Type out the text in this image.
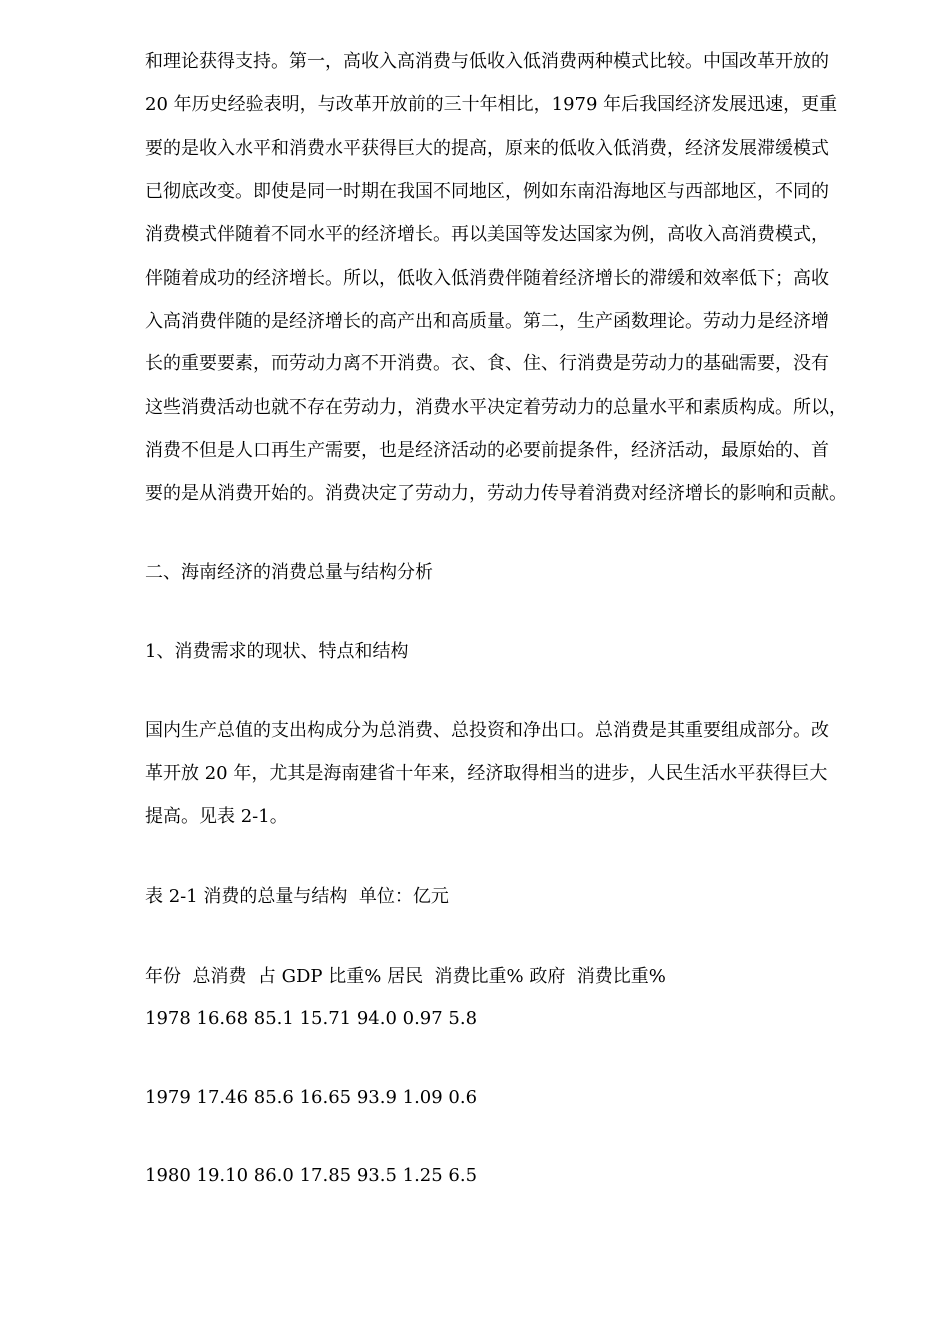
和理论获得支持。第一，高收入高消费与低收入低消费两种模式比较。中国改革开放的
20 年历史经验表明，与改革开放前的三十年相比，1979 年后我国经济发展迅速，更重
要的是收入水平和消费水平获得巨大的提高，原来的低收入低消费，经济发展滞缓模式
已彻底改变。即使是同一时期在我国不同地区，例如东南沿海地区与西部地区，不同的
消费模式伴随着不同水平的经济增长。再以美国等发达国家为例，高收入高消费模式，
伴随着成功的经济增长。所以，低收入低消费伴随着经济增长的滞缓和效率低下；高收
入高消费伴随的是经济增长的高产出和高质量。第二，生产函数理论。劳动力是经济增
长的重要要素，而劳动力离不开消费。衣、食、住、行消费是劳动力的基础需要，没有
这些消费活动也就不存在劳动力，消费水平决定着劳动力的总量水平和素质构成。所以，
消费不但是人口再生产需要，也是经济活动的必要前提条件，经济活动，最原始的、首
要的是从消费开始的。消费决定了劳动力，劳动力传导着消费对经济增长的影响和贡献。
二、海南经济的消费总量与结构分析
1、消费需求的现状、特点和结构
国内生产总值的支出构成分为总消费、总投资和净出口。总消费是其重要组成部分。改
革开放 20 年，尤其是海南建省十年来，经济取得相当的进步，人民生活水平获得巨大
提高。见表 2-1。
表 2-1 消费的总量与结构  单位：亿元
年份  总消费  占 GDP 比重% 居民  消费比重% 政府  消费比重%
1978 16.68 85.1 15.71 94.0 0.97 5.8
1979 17.46 85.6 16.65 93.9 1.09 0.6
1980 19.10 86.0 17.85 93.5 1.25 6.5
